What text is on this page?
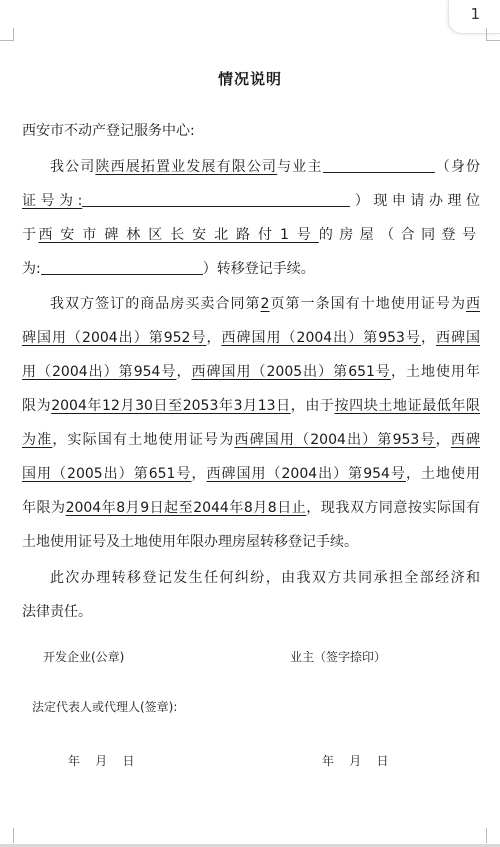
1
情况说明
西安市不动产登记服务中心:
我公司陕西展拓置业发展有限公司与业主	（身份
证号为:	）现申请办理位
于西安市碑林区长安北路付1号的房屋（合同登号
为:	）转移登记手续。
我双方签订的商品房买卖合同第2页第一条国有十地使用证号为西
碑国用（2004出）第952号，西碑国用（2004出）第953号，西碑国
用（2004出）第954号，西碑国用（2005出）第651号，土地使用年
限为2004年12月30日至2053年3月13日，由于按四块土地证最低年限
为准，实际国有土地使用证号为西碑国用（2004出）第953号，西碑
国用（2005出）第651号，西碑国用（2004出）第954号，土地使用
年限为2004年8月9日起至2044年8月8日止，现我双方同意按实际国有
土地使用证号及土地使用年限办理房屋转移登记手续。
此次办理转移登记发生任何纠纷，由我双方共同承担全部经济和
法律责任。
开发企业(公章)	业主（签字捺印）
法定代表人或代理人(签章):
年    月    日	年    月    日
